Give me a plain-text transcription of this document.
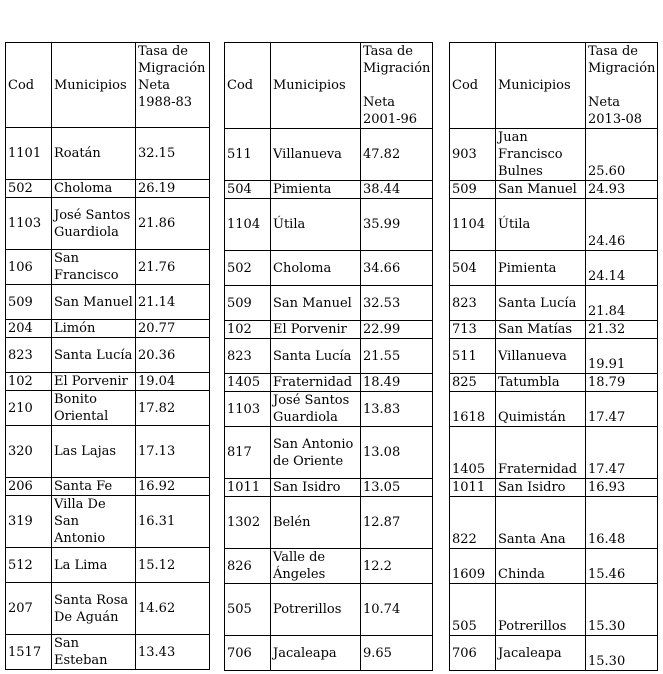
Cod	Municipios	Tasa de
Migración
Neta
1988-83
1101	Roatán	32.15
502	Choloma	26.19
1103	José Santos Guardiola	21.86
106	San Francisco	21.76
509	San Manuel	21.14
204	Limón	20.77
823	Santa Lucía	20.36
102	El Porvenir	19.04
210	Bonito Oriental	17.82
320	Las Lajas	17.13
206	Santa Fe	16.92
319	Villa De San Antonio	16.31
512	La Lima	15.12
207	Santa Rosa De Aguán	14.62
1517	San Esteban	13.43
Cod	Municipios	Tasa de
Migración

Neta
2001-96
511	Villanueva	47.82
504	Pimienta	38.44
1104	Útila	35.99
502	Choloma	34.66
509	San Manuel	32.53
102	El Porvenir	22.99
823	Santa Lucía	21.55
1405	Fraternidad	18.49
1103	José Santos Guardiola	13.83
817	San Antonio de Oriente	13.08
1011	San Isidro	13.05
1302	Belén	12.87
826	Valle de Ángeles	12.2
505	Potrerillos	10.74
706	Jacaleapa	9.65
Cod	Municipios	Tasa de
Migración

Neta
2013-08
903	Juan Francisco Bulnes	25.60
509	San Manuel	24.93
1104	Útila	24.46
504	Pimienta	24.14
823	Santa Lucía	21.84
713	San Matías	21.32
511	Villanueva	19.91
825	Tatumbla	18.79
1618	Quimistán	17.47
1405	Fraternidad	17.47
1011	San Isidro	16.93
822	Santa Ana	16.48
1609	Chinda	15.46
505	Potrerillos	15.30
706	Jacaleapa	15.30
